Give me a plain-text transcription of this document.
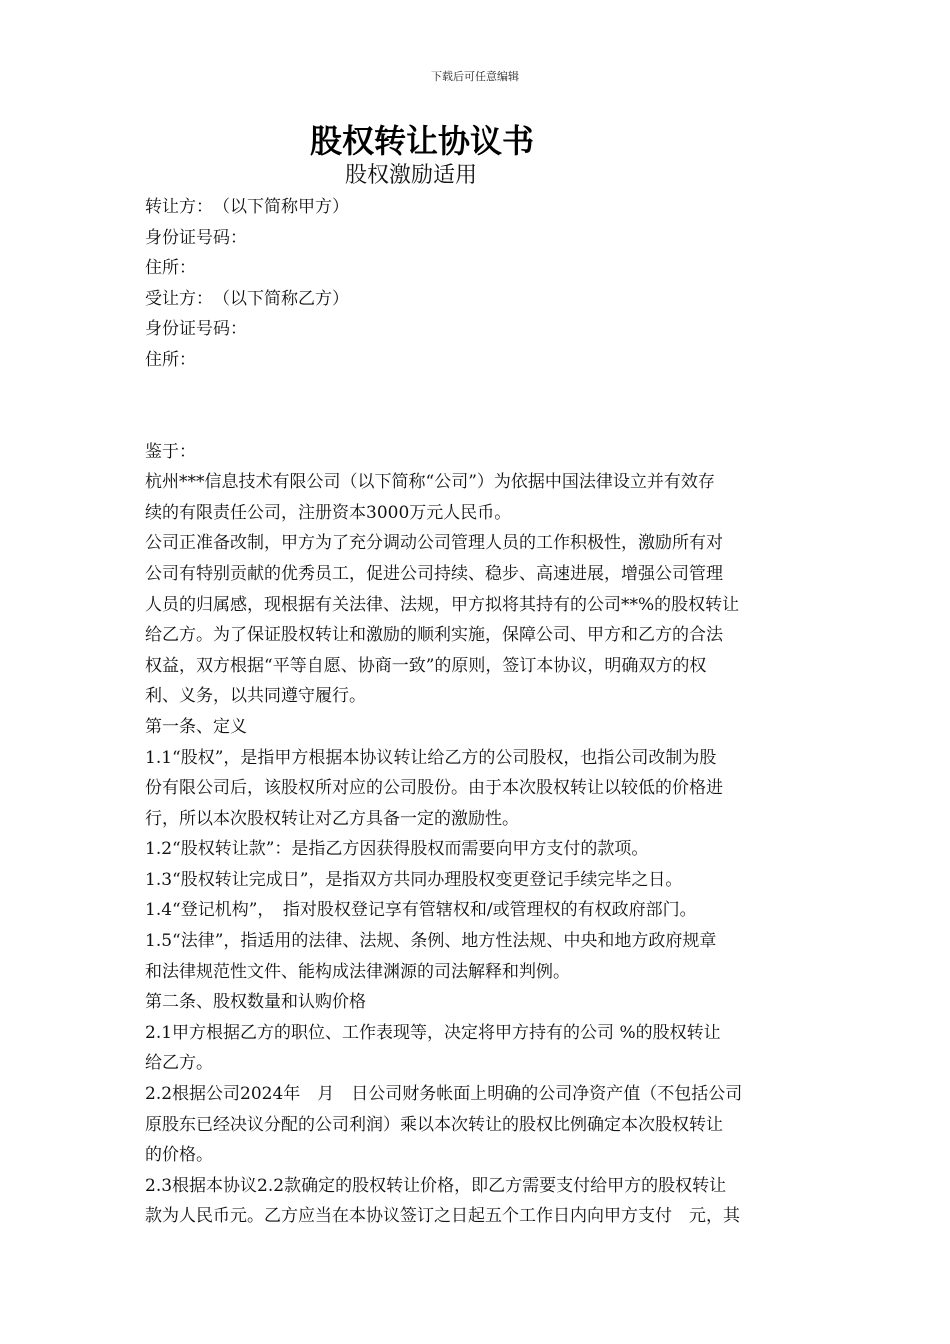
下载后可任意编辑
股权转让协议书
股权激励适用
转让方：　（以下简称甲方）
身份证号码：
住所：
受让方：　（以下简称乙方）
身份证号码：
住所：
鉴于：
杭州***信息技术有限公司（以下简称“公司”）为依据中国法律设立并有效存
续的有限责任公司，注册资本3000万元人民币。
公司正准备改制，甲方为了充分调动公司管理人员的工作积极性，激励所有对
公司有特别贡献的优秀员工，促进公司持续、稳步、高速进展，增强公司管理
人员的归属感，现根据有关法律、法规，甲方拟将其持有的公司**%的股权转让
给乙方。为了保证股权转让和激励的顺利实施，保障公司、甲方和乙方的合法
权益，双方根据“平等自愿、协商一致”的原则，签订本协议，明确双方的权
利、义务，以共同遵守履行。
第一条、定义
1.1“股权”，是指甲方根据本协议转让给乙方的公司股权，也指公司改制为股
份有限公司后，该股权所对应的公司股份。由于本次股权转让以较低的价格进
行，所以本次股权转让对乙方具备一定的激励性。
1.2“股权转让款”：是指乙方因获得股权而需要向甲方支付的款项。
1.3“股权转让完成日”，是指双方共同办理股权变更登记手续完毕之日。
1.4“登记机构”，　指对股权登记享有管辖权和/或管理权的有权政府部门。
1.5“法律”，指适用的法律、法规、条例、地方性法规、中央和地方政府规章
和法律规范性文件、能构成法律渊源的司法解释和判例。
第二条、股权数量和认购价格
2.1甲方根据乙方的职位、工作表现等，决定将甲方持有的公司 %的股权转让
给乙方。
2.2根据公司2024年　月　日公司财务帐面上明确的公司净资产值（不包括公司
原股东已经决议分配的公司利润）乘以本次转让的股权比例确定本次股权转让
的价格。
2.3根据本协议2.2款确定的股权转让价格，即乙方需要支付给甲方的股权转让
款为人民币元。乙方应当在本协议签订之日起五个工作日内向甲方支付　元，其
